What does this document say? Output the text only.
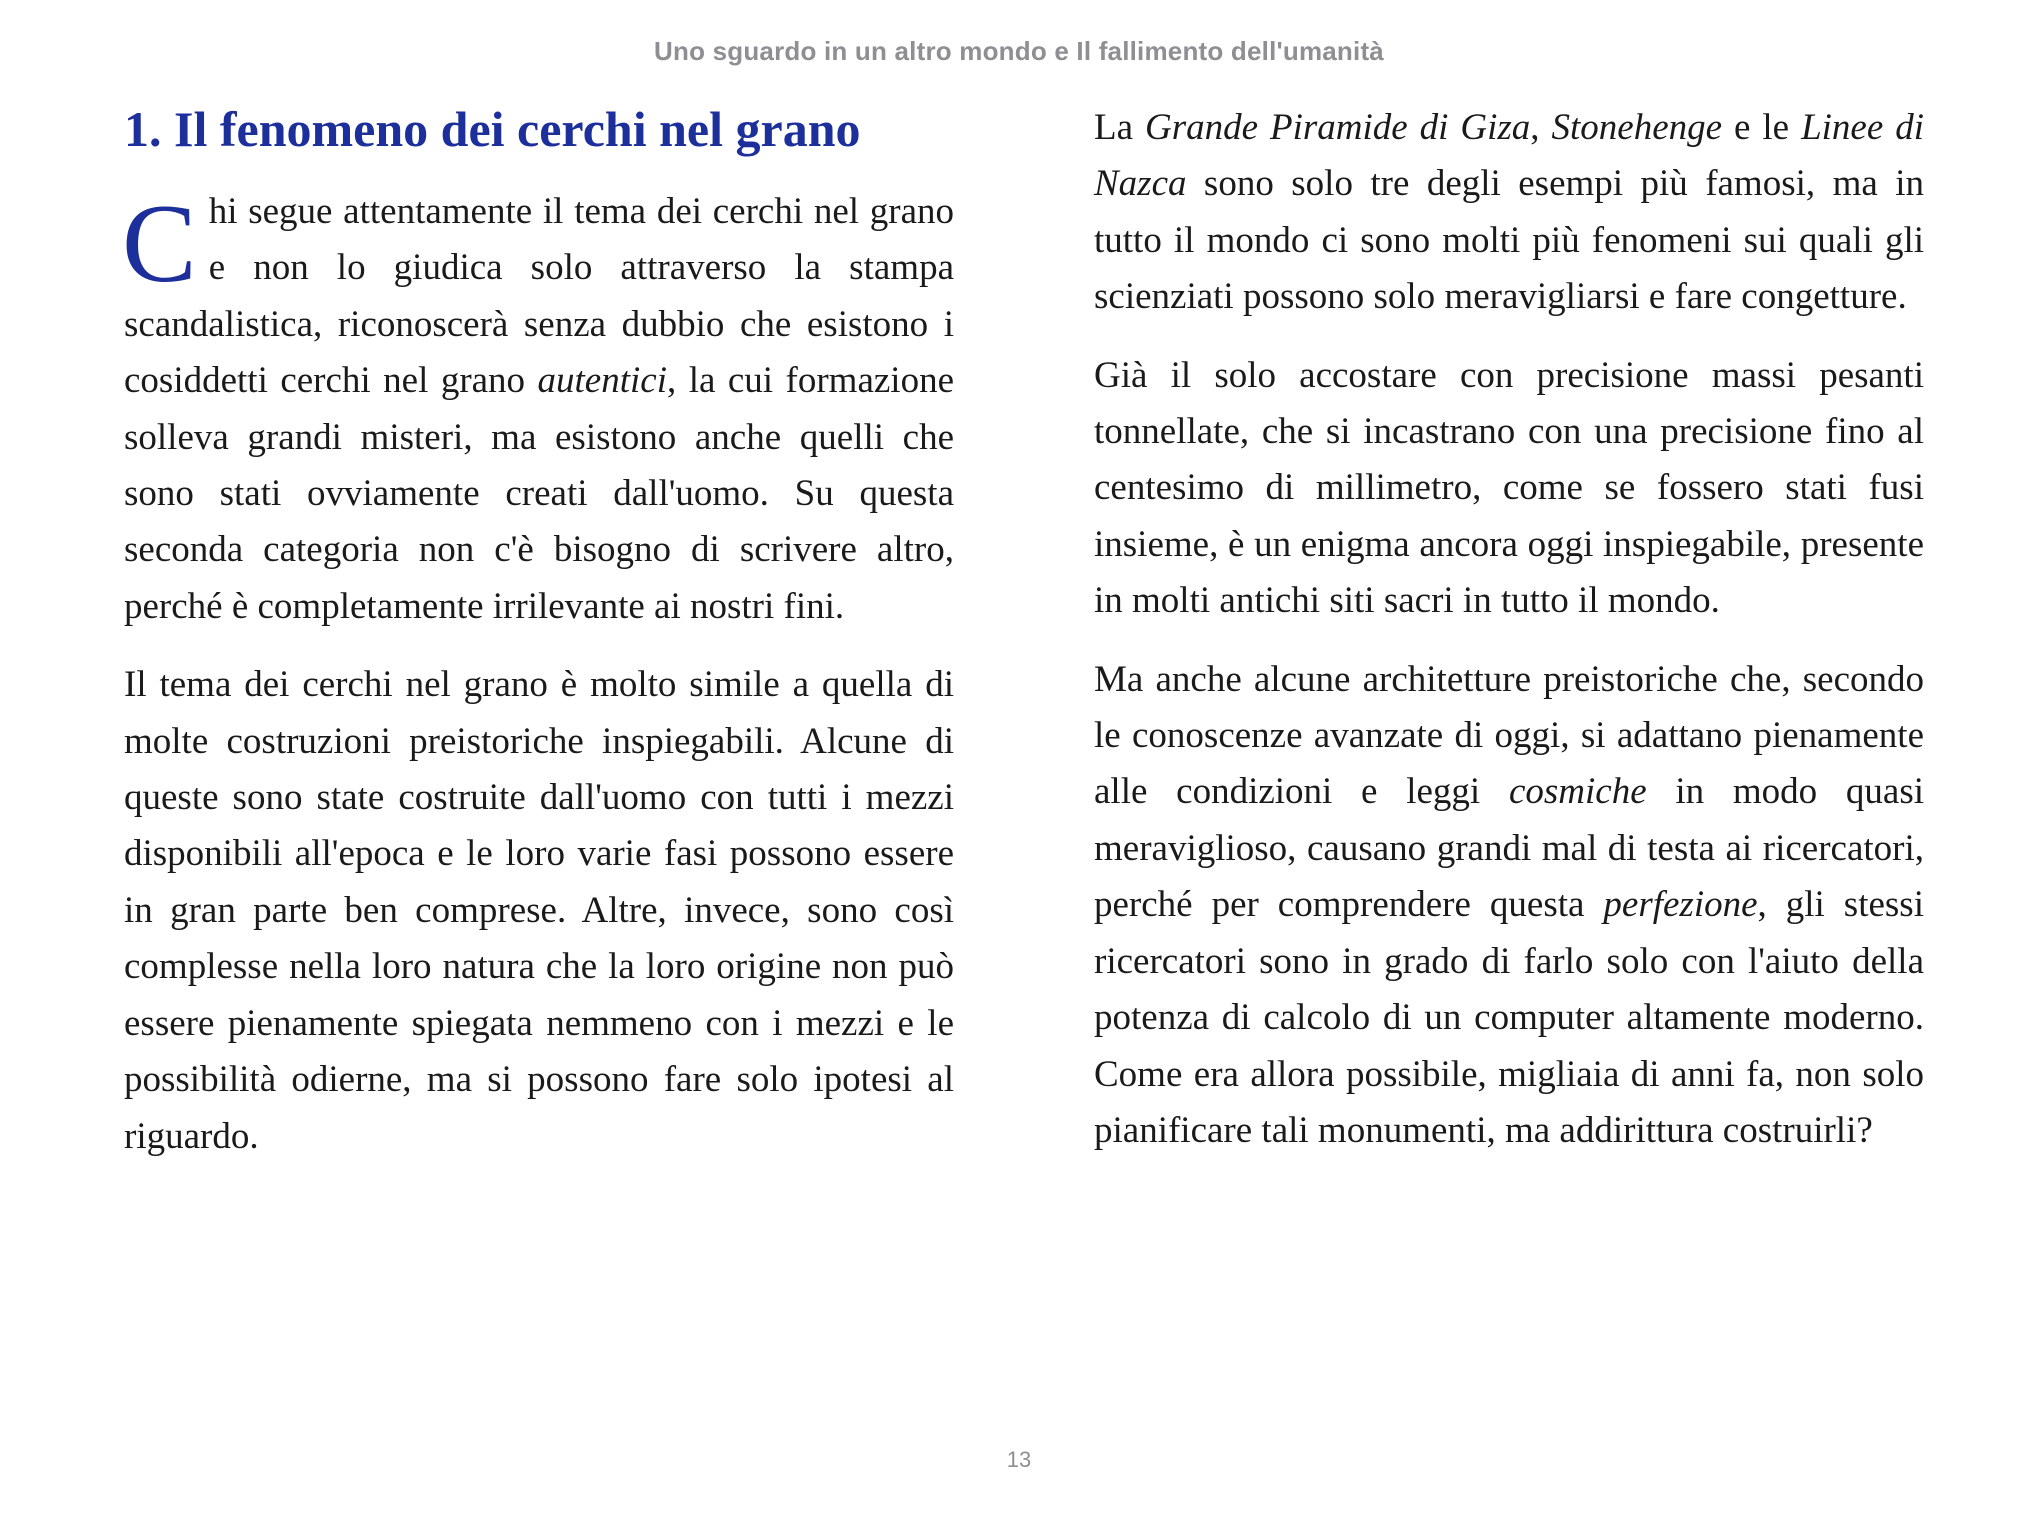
Uno sguardo in un altro mondo e Il fallimento dell'umanità
1. Il fenomeno dei cerchi nel grano

Chi segue attentamente il tema dei cerchi nel grano e non lo giudica solo attraverso la stampa scandalistica, riconoscerà senza dubbio che esistono i cosiddetti cerchi nel grano autentici, la cui formazione solleva grandi misteri, ma esistono anche quelli che sono stati ovviamente creati dall'uomo. Su questa seconda categoria non c'è bisogno di scrivere altro, perché è completamente irrilevante ai nostri fini.

Il tema dei cerchi nel grano è molto simile a quella di molte costruzioni preistoriche inspiegabili. Alcune di queste sono state costruite dall'uomo con tutti i mezzi disponibili all'epoca e le loro varie fasi possono essere in gran parte ben comprese. Altre, invece, sono così complesse nella loro natura che la loro origine non può essere pienamente spiegata nemmeno con i mezzi e le possibilità odierne, ma si possono fare solo ipotesi al riguardo.

La Grande Piramide di Giza, Stonehenge e le Linee di Nazca sono solo tre degli esempi più famosi, ma in tutto il mondo ci sono molti più fenomeni sui quali gli scienziati possono solo meravigliarsi e fare congetture.

Già il solo accostare con precisione massi pesanti tonnellate, che si incastrano con una precisione fino al centesimo di millimetro, come se fossero stati fusi insieme, è un enigma ancora oggi inspiegabile, presente in molti antichi siti sacri in tutto il mondo.

Ma anche alcune architetture preistoriche che, secondo le conoscenze avanzate di oggi, si adattano pienamente alle condizioni e leggi cosmiche in modo quasi meraviglioso, causano grandi mal di testa ai ricercatori, perché per comprendere questa perfezione, gli stessi ricercatori sono in grado di farlo solo con l'aiuto della potenza di calcolo di un computer altamente moderno. Come era allora possibile, migliaia di anni fa, non solo pianificare tali monumenti, ma addirittura costruirli?

13
